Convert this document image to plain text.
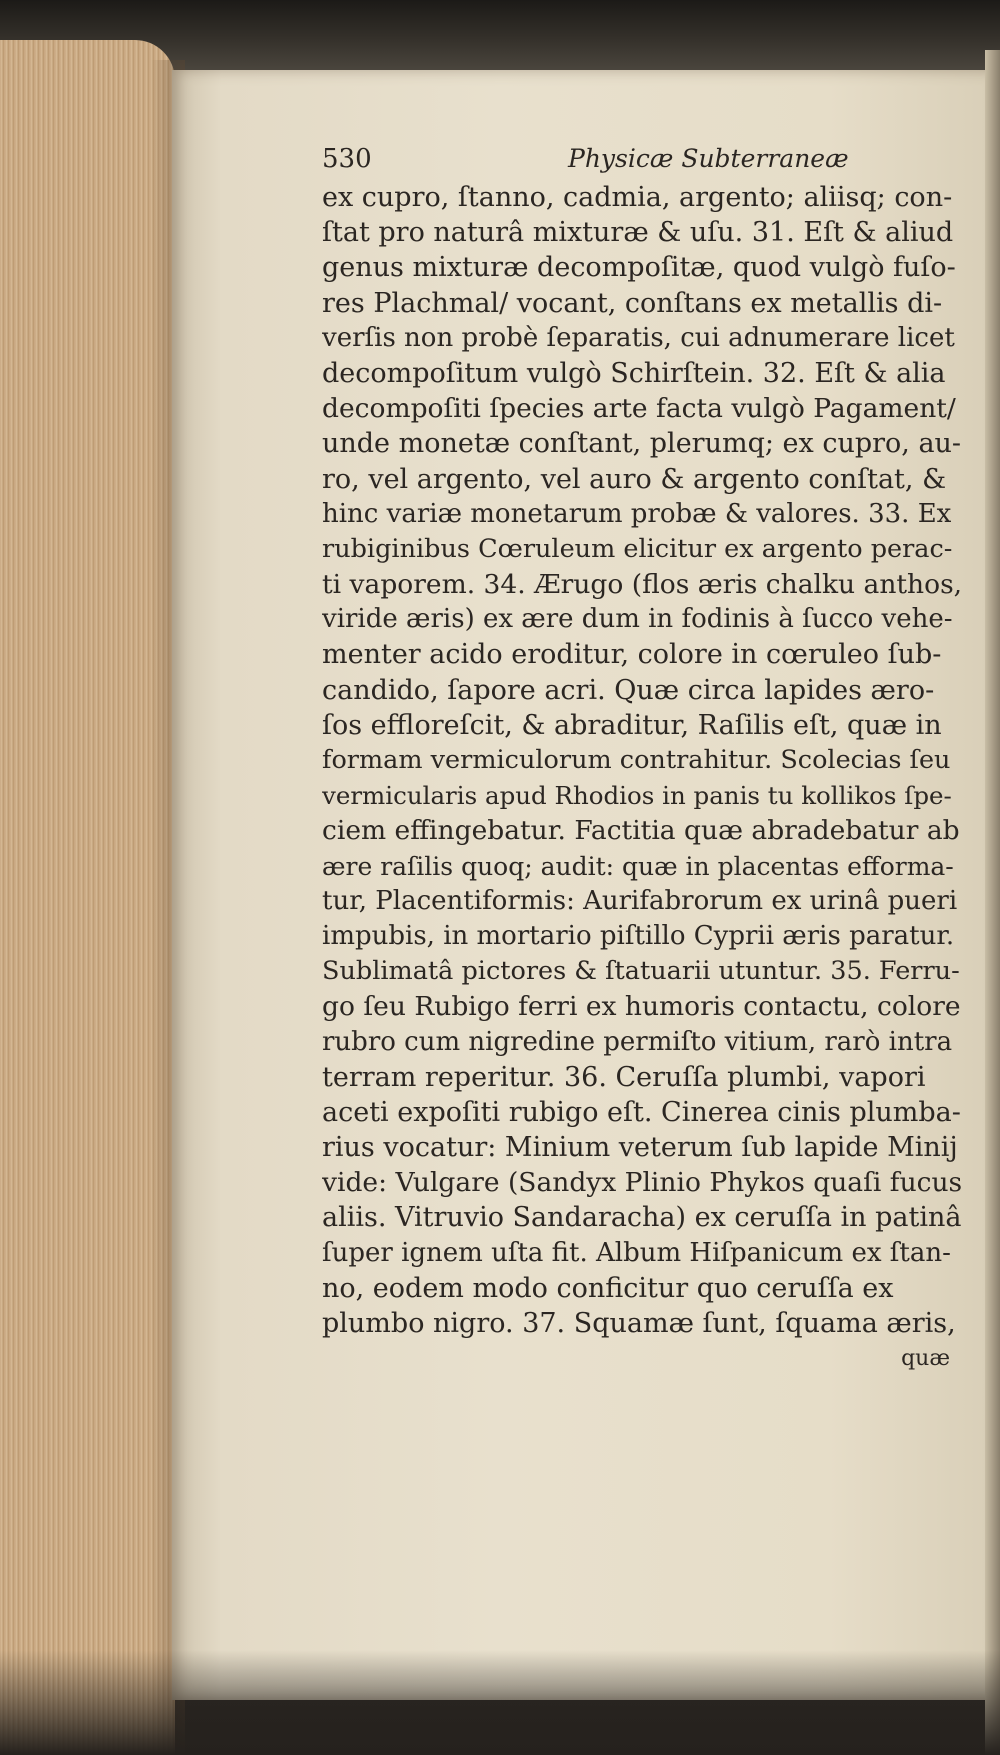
530	Physicæ Subterraneæ
ex cupro, ſtanno, cadmia, argento; aliisq; con-
ſtat pro naturâ mixturæ & uſu. 31. Eſt & aliud
genus mixturæ decompoſitæ, quod vulgò fuſo-
res Plachmal/ vocant, conſtans ex metallis di-
verſis non probè ſeparatis, cui adnumerare licet
decompoſitum vulgò Schirſtein. 32. Eſt & alia
decompoſiti ſpecies arte facta vulgò Pagament/
unde monetæ conſtant, plerumq; ex cupro, au-
ro, vel argento, vel auro & argento conſtat, &
hinc variæ monetarum probæ & valores. 33. Ex
rubiginibus Cœruleum elicitur ex argento perac-
ti vaporem. 34. Ærugo (flos æris chalku anthos,
viride æris) ex ære dum in fodinis à ſucco vehe-
menter acido eroditur, colore in cœruleo ſub-
candido, ſapore acri. Quæ circa lapides æro-
ſos effloreſcit, & abraditur, Raſilis eſt, quæ in
formam vermiculorum contrahitur. Scolecias ſeu
vermicularis apud Rhodios in panis tu kollikos ſpe-
ciem effingebatur. Factitia quæ abradebatur ab
ære raſilis quoq; audit: quæ in placentas efforma-
tur, Placentiformis: Aurifabrorum ex urinâ pueri
impubis, in mortario piſtillo Cyprii æris paratur.
Sublimatâ pictores & ſtatuarii utuntur. 35. Ferru-
go ſeu Rubigo ferri ex humoris contactu, colore
rubro cum nigredine permiſto vitium, rarò intra
terram reperitur. 36. Ceruſſa plumbi, vapori
aceti expoſiti rubigo eſt. Cinerea cinis plumba-
rius vocatur: Minium veterum ſub lapide Minij
vide: Vulgare (Sandyx Plinio Phykos quaſi fucus
aliis. Vitruvio Sandaracha) ex ceruſſa in patinâ
ſuper ignem uſta fit. Album Hiſpanicum ex ſtan-
no, eodem modo conficitur quo ceruſſa ex
plumbo nigro. 37. Squamæ ſunt, ſquama æris,
quæ
